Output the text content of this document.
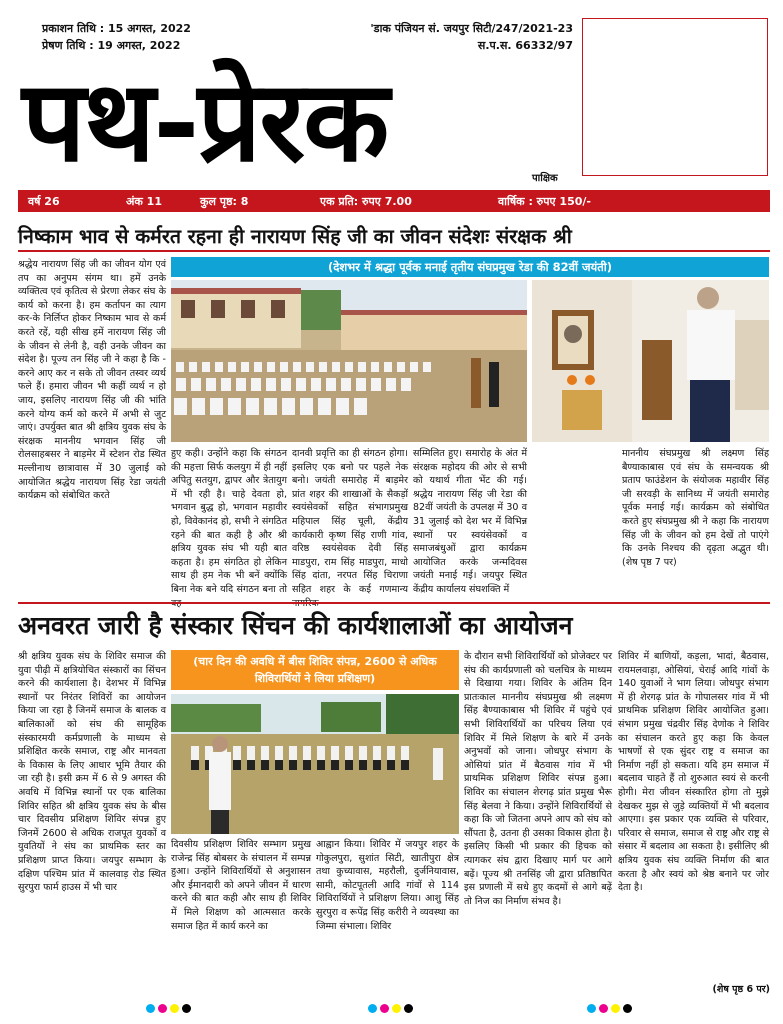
प्रकाशन तिथि : 15 अगस्त, 2022
प्रेषण तिथि : 19 अगस्त, 2022
'डाक पंजियन सं. जयपुर सिटी/247/2021-23
स.प.स. 66332/97
पथ-प्रेरक	पाक्षिक
वर्ष 26	अंक 11	कुल पृष्ठ: 8	एक प्रति: रुपए 7.00	वार्षिक : रुपए 150/-
निष्काम भाव से कर्मरत रहना ही नारायण सिंह जी का जीवन संदेशः संरक्षक श्री
(देशभर में श्रद्धा पूर्वक मनाई तृतीय संघप्रमुख रेडा की 82वीं जयंती)
श्रद्धेय नारायण सिंह जी का जीवन योग एवं तप का अनुपम संगम था। हमें उनके व्यक्तित्व एवं कृतित्व से प्रेरणा लेकर संघ के कार्य को करना है। हम कर्तापन का त्याग कर-के निर्लिप्त होकर निष्काम भाव से कर्म करते रहें, यही सीख हमें नारायण सिंह जी के जीवन से लेनी है, वही उनके जीवन का संदेश है। पूज्य तन सिंह जी ने कहा है कि - करने आए कर न सके तो जीवन तस्वर व्यर्थ फले हैं। हमारा जीवन भी कहीं व्यर्थ न हो जाय, इसलिए नारायण सिंह जी की भांति करने योग्य कर्म को करने में अभी से जुट जाएं। उपर्युक्त बात श्री क्षत्रिय युवक संघ के संरक्षक माननीय भगवान सिंह जी रोलसाहबसर ने बाड़मेर में स्टेशन रोड स्थित मल्लीनाथ छात्रावास में 30 जुलाई को आयोजित श्रद्धेय नारायण सिंह रेडा जयंती कार्यक्रम को संबोधित करते
हुए कही। उन्होंने कहा कि संगठन की महत्ता सिर्फ कलयुग में ही नहीं अपितु सतयुग, द्वापर और त्रेतायुग में भी रही है। चाहे देवता हो, भगवान बुद्ध हो, भगवान महावीर हो, विवेकानंद हो, सभी ने संगठित रहने की बात कही है और श्री क्षत्रिय युवक संघ भी यही बात कहता है। हम संगठित हो लेकिन साथ ही हम नेक भी बनें क्योंकि बिना नेक बने यदि संगठन बना तो
दानवी प्रवृत्ति का ही संगठन होगा। इसलिए एक बनो पर पहले नेक बनो। जयंती समारोह में बाड़मेर प्रांत शहर की शाखाओं के सैकड़ों स्वयंसेवकों सहित संभागप्रमुख महिपाल सिंह चूली, केंद्रीय कार्यकारी कृष्ण सिंह राणी गांव, वरिष्ठ स्वयंसेवक देवी सिंह माडपुरा, राम सिंह माडपुरा, माधो सिंह दांता, नरपत सिंह चिराणा सहित शहर के कई गणमान्य
सम्मिलित हुए। समारोह के अंत में संरक्षक महोदय की ओर से सभी को यथार्थ गीता भेंट की गई। श्रद्धेय नारायण सिंह जी रेडा की 82वीं जयंती के उपलक्ष में 30 व 31 जुलाई को देश भर में विभिन्न स्थानों पर स्वयंसेवकों व समाजबंधुओं द्वारा कार्यक्रम आयोजित करके जन्मदिवस जयंती मनाई गई। जयपुर स्थित केंद्रीय कार्यालय संघशक्ति में
माननीय संघप्रमुख श्री लक्ष्मण सिंह बैण्याकाबास एवं संघ के समन्वयक श्री प्रताप फाउंडेशन के संयोजक महावीर सिंह जी सरवड़ी के सानिध्य में जयंती समारोह पूर्वक मनाई गई। कार्यक्रम को संबोधित करते हुए संघप्रमुख श्री ने कहा कि नारायण सिंह जी के जीवन को हम देखें तो पाएंगे कि उनके निश्चय की दृढ़ता अद्भुत थी। (शेष पृष्ठ 7 पर)
अनवरत जारी है संस्कार सिंचन की कार्यशालाओं का आयोजन
श्री क्षत्रिय युवक संघ के शिविर समाज की युवा पीढ़ी में क्षत्रियोचित संस्कारों का सिंचन करने की कार्यशाला है। देशभर में विभिन्न स्थानों पर निरंतर शिविरों का आयोजन किया जा रहा है जिनमें समाज के बालक व बालिकाओं को संघ की सामूहिक संस्कारमयी कर्मप्रणाली के माध्यम से प्रशिक्षित करके समाज, राष्ट्र और मानवता के विकास के लिए आधार भूमि तैयार की जा रही है। इसी क्रम में 6 से 9 अगस्त की अवधि में विभिन्न स्थानों पर एक बालिका शिविर सहित श्री क्षत्रिय युवक संघ के बीस चार दिवसीय प्रशिक्षण शिविर संपन्न हुए जिनमें 2600 से अधिक राजपूत युवकों व युवतियों ने संघ का प्राथमिक स्तर का प्रशिक्षण प्राप्त किया। जयपुर सम्भाग के दक्षिण पश्चिम प्रांत में कालवाड़ रोड स्थित सुरपुरा फार्म हाउस में भी चार
(चार दिन की अवधि में बीस शिविर संपन्न, 2600 से अधिक शिविरार्थियों ने लिया प्रशिक्षण)
दिवसीय प्रशिक्षण शिविर सम्भाग प्रमुख राजेन्द्र सिंह बोबसर के संचालन में सम्पन्न हुआ। उन्होंने शिविरार्थियों से अनुशासन और ईमानदारी को अपने जीवन में धारण करने की बात कही और साथ ही शिविर में मिले शिक्षण को आत्मसात करके समाज हित में कार्य करने का
आह्वान किया। शिविर में जयपुर शहर के गोकुलपुरा, सुशांत सिटी, खातीपुरा क्षेत्र तथा कुच्यावास, महरौली, दुर्जनियावास, सामी, कोटपूतली आदि गांवों से 114 शिविरार्थियों ने प्रशिक्षण लिया। आशु सिंह सुरपुरा व रूपेंद्र सिंह करीरी ने व्यवस्था का जिम्मा संभाला। शिविर
के दौरान सभी शिविरार्थियों को प्रोजेक्टर पर संघ की कार्यप्रणाली को चलचित्र के माध्यम से दिखाया गया। शिविर के अंतिम दिन प्रातःकाल माननीय संघप्रमुख श्री लक्ष्मण सिंह बैण्याकाबास भी शिविर में पहुंचे एवं सभी शिविरार्थियों का परिचय लिया एवं शिविर में मिले शिक्षण के बारे में उनके अनुभवों को जाना। जोधपुर संभाग के ओसियां प्रांत में बैठवास गांव में भी प्राथमिक प्रशिक्षण शिविर संपन्न हुआ। शिविर का संचालन शेरगढ़ प्रांत प्रमुख भैरू सिंह बेलवा ने किया। उन्होंने शिविरार्थियों से कहा कि जो जितना अपने आप को संघ को सौंपता है, उतना ही उसका विकास होता है। इसलिए किसी भी प्रकार की हिचक को त्यागकर संघ द्वारा दिखाए मार्ग पर आगे बढ़ें। पूज्य श्री तनसिंह जी द्वारा प्रतिष्ठापित इस प्रणाली में सधे हुए कदमों से आगे बढ़ें तो निज का निर्माण संभव है।
शिविर में बाणियों, कड़ला, भादां, बैठवास, रायमलवाड़ा, ओसियां, चेराई आदि गांवों के 140 युवाओं ने भाग लिया। जोधपुर संभाग में ही शेरगढ़ प्रांत के गोपालसर गांव में भी प्राथमिक प्रशिक्षण शिविर आयोजित हुआ। संभाग प्रमुख चंद्रवीर सिंह देणोक ने शिविर का संचालन करते हुए कहा कि केवल भाषणों से एक सुंदर राष्ट्र व समाज का निर्माण नहीं हो सकता। यदि हम समाज में बदलाव चाहते हैं तो शुरुआत स्वयं से करनी होगी। मेरा जीवन संस्कारित होगा तो मुझे देखकर मुझ से जुड़े व्यक्तियों में भी बदलाव आएगा। इस प्रकार एक व्यक्ति से परिवार, परिवार से समाज, समाज से राष्ट्र और राष्ट्र से संसार में बदलाव आ सकता है। इसीलिए श्री क्षत्रिय युवक संघ व्यक्ति निर्माण की बात करता है और स्वयं को श्रेष्ठ बनाने पर जोर देता है।
(शेष पृष्ठ 6 पर)
